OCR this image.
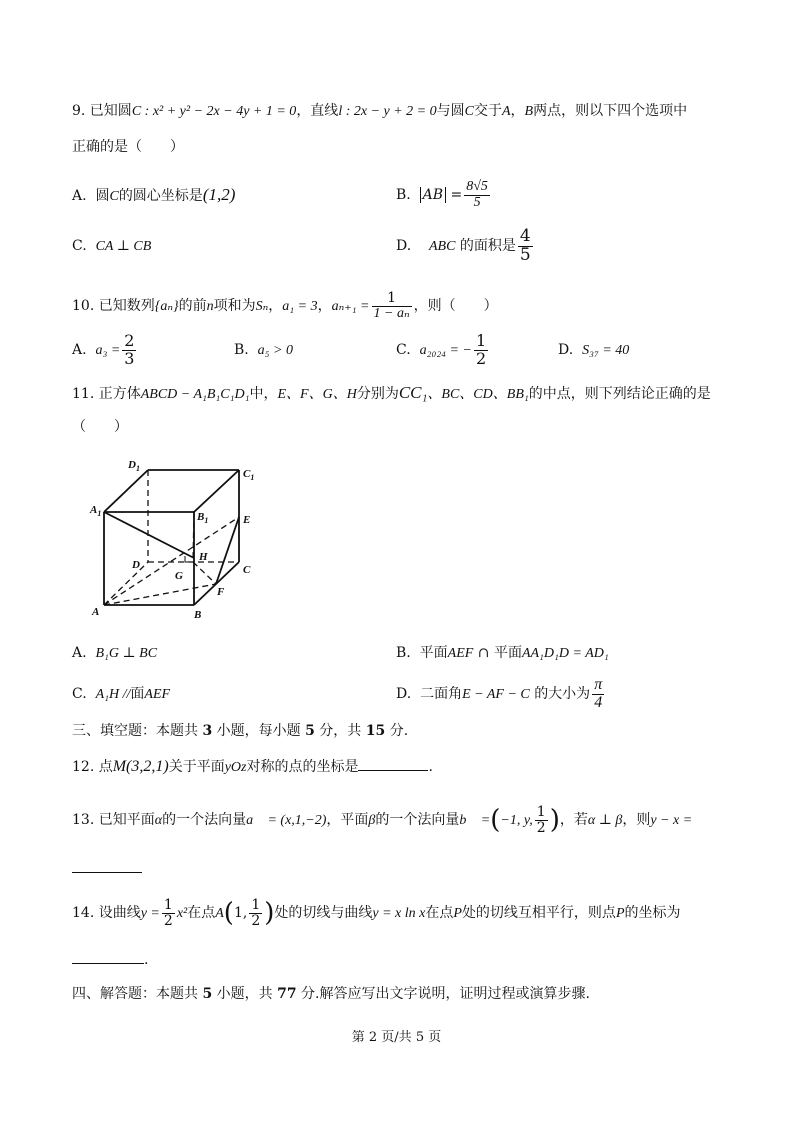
9. 已知圆C : x² + y² − 2x − 4y + 1 = 0，直线l : 2x − y + 2 = 0与圆C交于A，B两点，则以下四个选项中
正确的是（　　）
A. 圆C的圆心坐标是(1,2)	B. AB = $\frac{8√5}{5}$
C. CA ⊥ CB	D. ABC 的面积是 $\frac{4}{5}$
10. 已知数列{aₙ}的前n项和为Sₙ，a₁ = 3，$a_{n+1} = \frac{1}{\text{1 − aₙ}}$ ，则（　　）
A. $a_3 = \frac{2}{3}$	B. a₅ > 0	C. a₂₀₂₄ = − $\frac{1}{2}$	D. S₃₇ = 40
11. 正方体ABCD − A₁B₁C₁D₁中，E、F、G、H分别为CC₁、BC、CD、BB₁的中点，则下列结论正确的是
（　　）
$D_1$	$C_1$
$A_1$	$B_1$	E
H
D
G	C
F
A	B
A. B₁G ⊥ BC	B. 平面AEF ∩ 平面AA₁D₁D = AD₁
C. A₁H //面AEF	D. 二面角E − AF − C 的大小为 $\frac{\pi}{4}$
三、填空题：本题共 3 小题，每小题 5 分，共 15 分.
12. 点M(3,2,1)关于平面yOz对称的点的坐标是	.
13. 已知平面α的一个法向量a⃗ = (x,1,−2)，平面β的一个法向量b⃗ =(−1, y, $\frac{1}{2}$ )，若α ⊥ β，则y − x =
14. 设曲线$y = \frac{1}{2} x^2$在点A(1, $\frac{1}{2}$ )处的切线与曲线y = x ln x在点P处的切线互相平行，则点P的坐标为
.
四、解答题：本题共 5 小题，共 77 分.解答应写出文字说明，证明过程或演算步骤.
第 2 页/共 5 页
